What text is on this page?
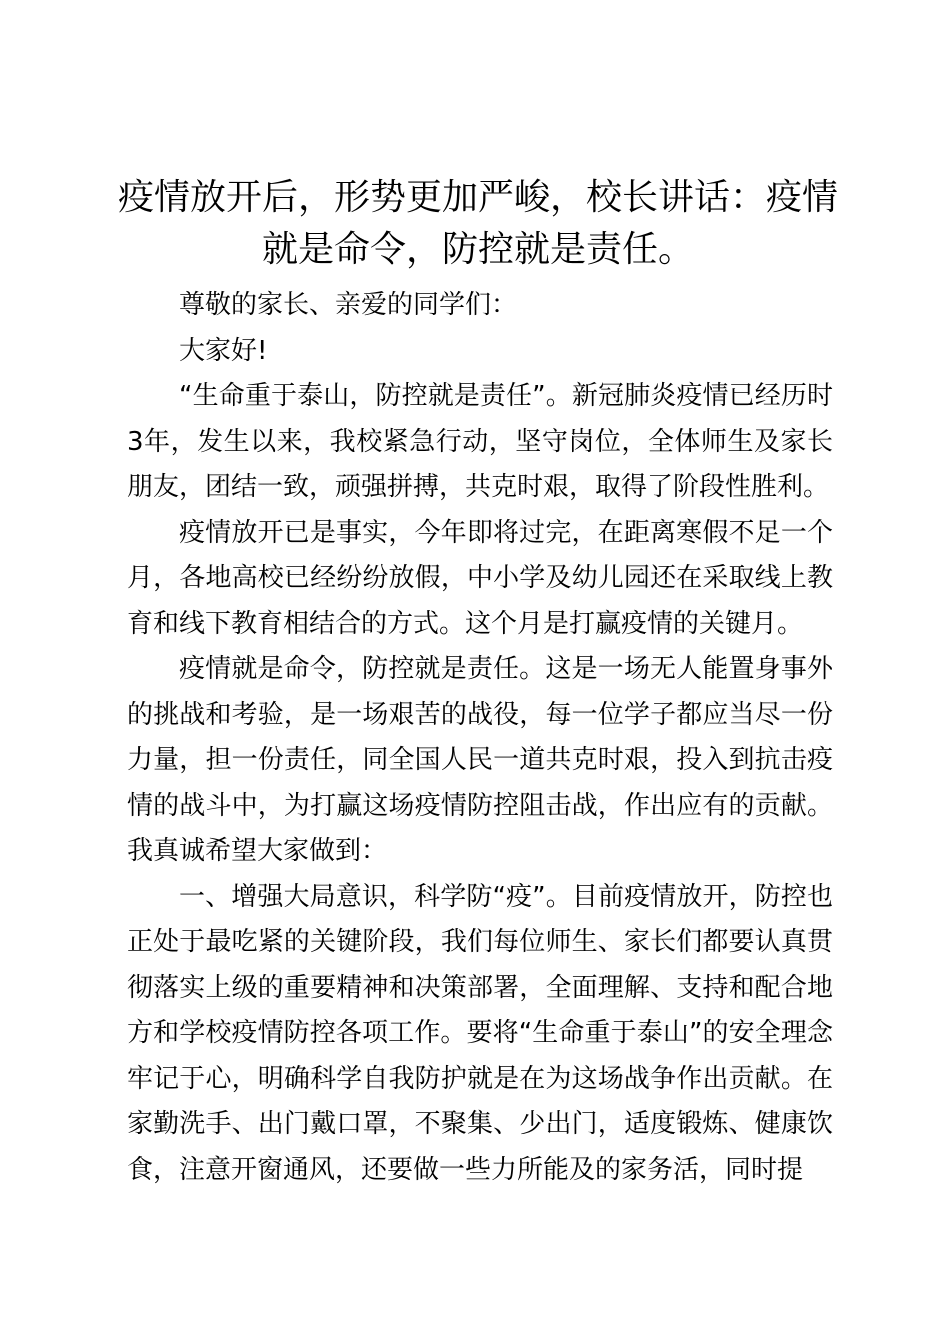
疫情放开后，形势更加严峻，校长讲话：疫情就是命令，防控就是责任。

尊敬的家长、亲爱的同学们：

大家好!

“生命重于泰山，防控就是责任”。新冠肺炎疫情已经历时3年，发生以来，我校紧急行动，坚守岗位，全体师生及家长朋友，团结一致，顽强拼搏，共克时艰，取得了阶段性胜利。

疫情放开已是事实，今年即将过完，在距离寒假不足一个月，各地高校已经纷纷放假，中小学及幼儿园还在采取线上教育和线下教育相结合的方式。这个月是打赢疫情的关键月。

疫情就是命令，防控就是责任。这是一场无人能置身事外的挑战和考验，是一场艰苦的战役，每一位学子都应当尽一份力量，担一份责任，同全国人民一道共克时艰，投入到抗击疫情的战斗中，为打赢这场疫情防控阻击战，作出应有的贡献。我真诚希望大家做到：

一、增强大局意识，科学防“疫”。目前疫情放开，防控也正处于最吃紧的关键阶段，我们每位师生、家长们都要认真贯彻落实上级的重要精神和决策部署，全面理解、支持和配合地方和学校疫情防控各项工作。要将“生命重于泰山”的安全理念牢记于心，明确科学自我防护就是在为这场战争作出贡献。在家勤洗手、出门戴口罩，不聚集、少出门，适度锻炼、健康饮食，注意开窗通风，还要做一些力所能及的家务活，同时提
